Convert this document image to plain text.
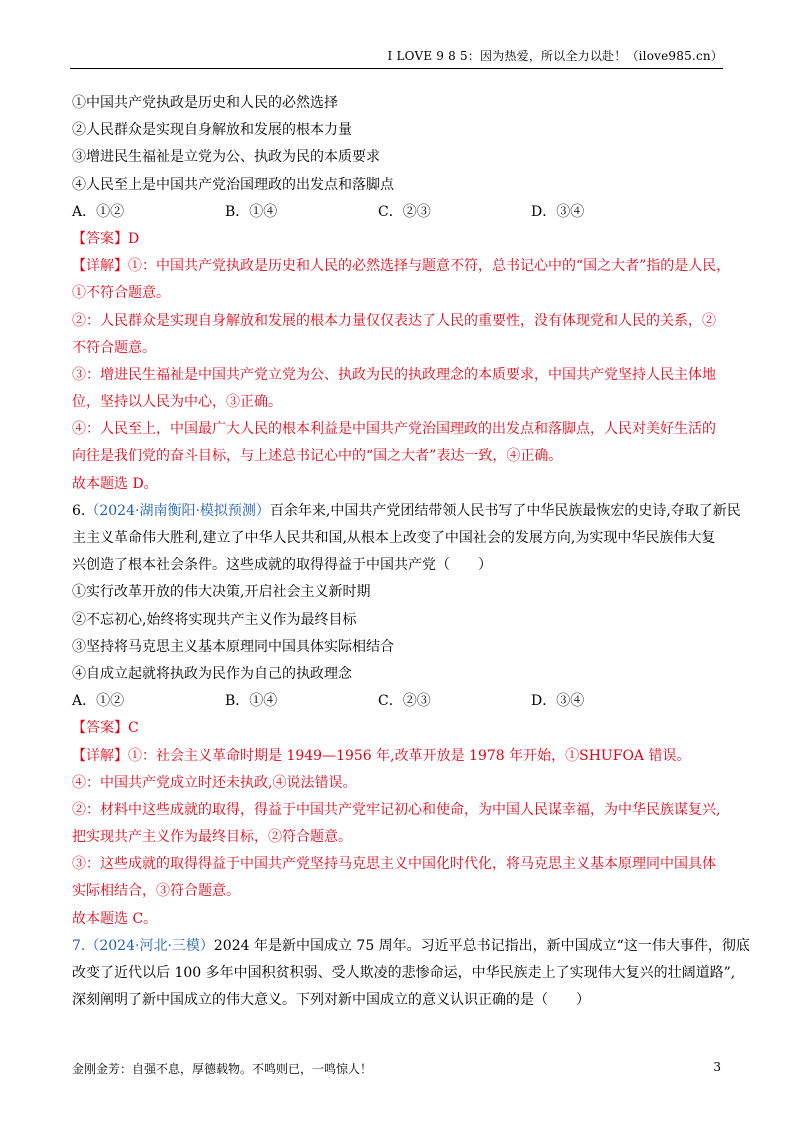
I LOVE 9 8 5：因为热爱，所以全力以赴！（ilove985.cn）
①中国共产党执政是历史和人民的必然选择
②人民群众是实现自身解放和发展的根本力量
③增进民生福祉是立党为公、执政为民的本质要求
④人民至上是中国共产党治国理政的出发点和落脚点
A．①②	B．①④	C．②③	D．③④
【答案】D
【详解】①：中国共产党执政是历史和人民的必然选择与题意不符，总书记心中的“国之大者”指的是人民，
①不符合题意。
②：人民群众是实现自身解放和发展的根本力量仅仅表达了人民的重要性，没有体现党和人民的关系，②
不符合题意。
③：增进民生福祉是中国共产党立党为公、执政为民的执政理念的本质要求，中国共产党坚持人民主体地
位，坚持以人民为中心，③正确。
④：人民至上，中国最广大人民的根本利益是中国共产党治国理政的出发点和落脚点，人民对美好生活的
向往是我们党的奋斗目标，与上述总书记心中的“国之大者”表达一致，④正确。
故本题选 D。
6.（2024·湖南衡阳·模拟预测）百余年来,中国共产党团结带领人民书写了中华民族最恢宏的史诗,夺取了新民
主主义革命伟大胜利,建立了中华人民共和国,从根本上改变了中国社会的发展方向,为实现中华民族伟大复
兴创造了根本社会条件。这些成就的取得得益于中国共产党（　　）
①实行改革开放的伟大决策,开启社会主义新时期
②不忘初心,始终将实现共产主义作为最终目标
③坚持将马克思主义基本原理同中国具体实际相结合
④自成立起就将执政为民作为自己的执政理念
A．①②	B．①④	C．②③	D．③④
【答案】C
【详解】①：社会主义革命时期是 1949—1956 年,改革开放是 1978 年开始，①SHUFOA 错误。
④：中国共产党成立时还未执政,④说法错误。
②：材料中这些成就的取得，得益于中国共产党牢记初心和使命，为中国人民谋幸福，为中华民族谋复兴,
把实现共产主义作为最终目标，②符合题意。
③：这些成就的取得得益于中国共产党坚持马克思主义中国化时代化，将马克思主义基本原理同中国具体
实际相结合，③符合题意。
故本题选 C。
7.（2024·河北·三模）2024 年是新中国成立 75 周年。习近平总书记指出，新中国成立“这一伟大事件，彻底
改变了近代以后 100 多年中国积贫积弱、受人欺凌的悲惨命运，中华民族走上了实现伟大复兴的壮阔道路”,
深刻阐明了新中国成立的伟大意义。下列对新中国成立的意义认识正确的是（　　）
金刚金芳：自强不息，厚德载物。不鸣则已，一鸣惊人！	3
